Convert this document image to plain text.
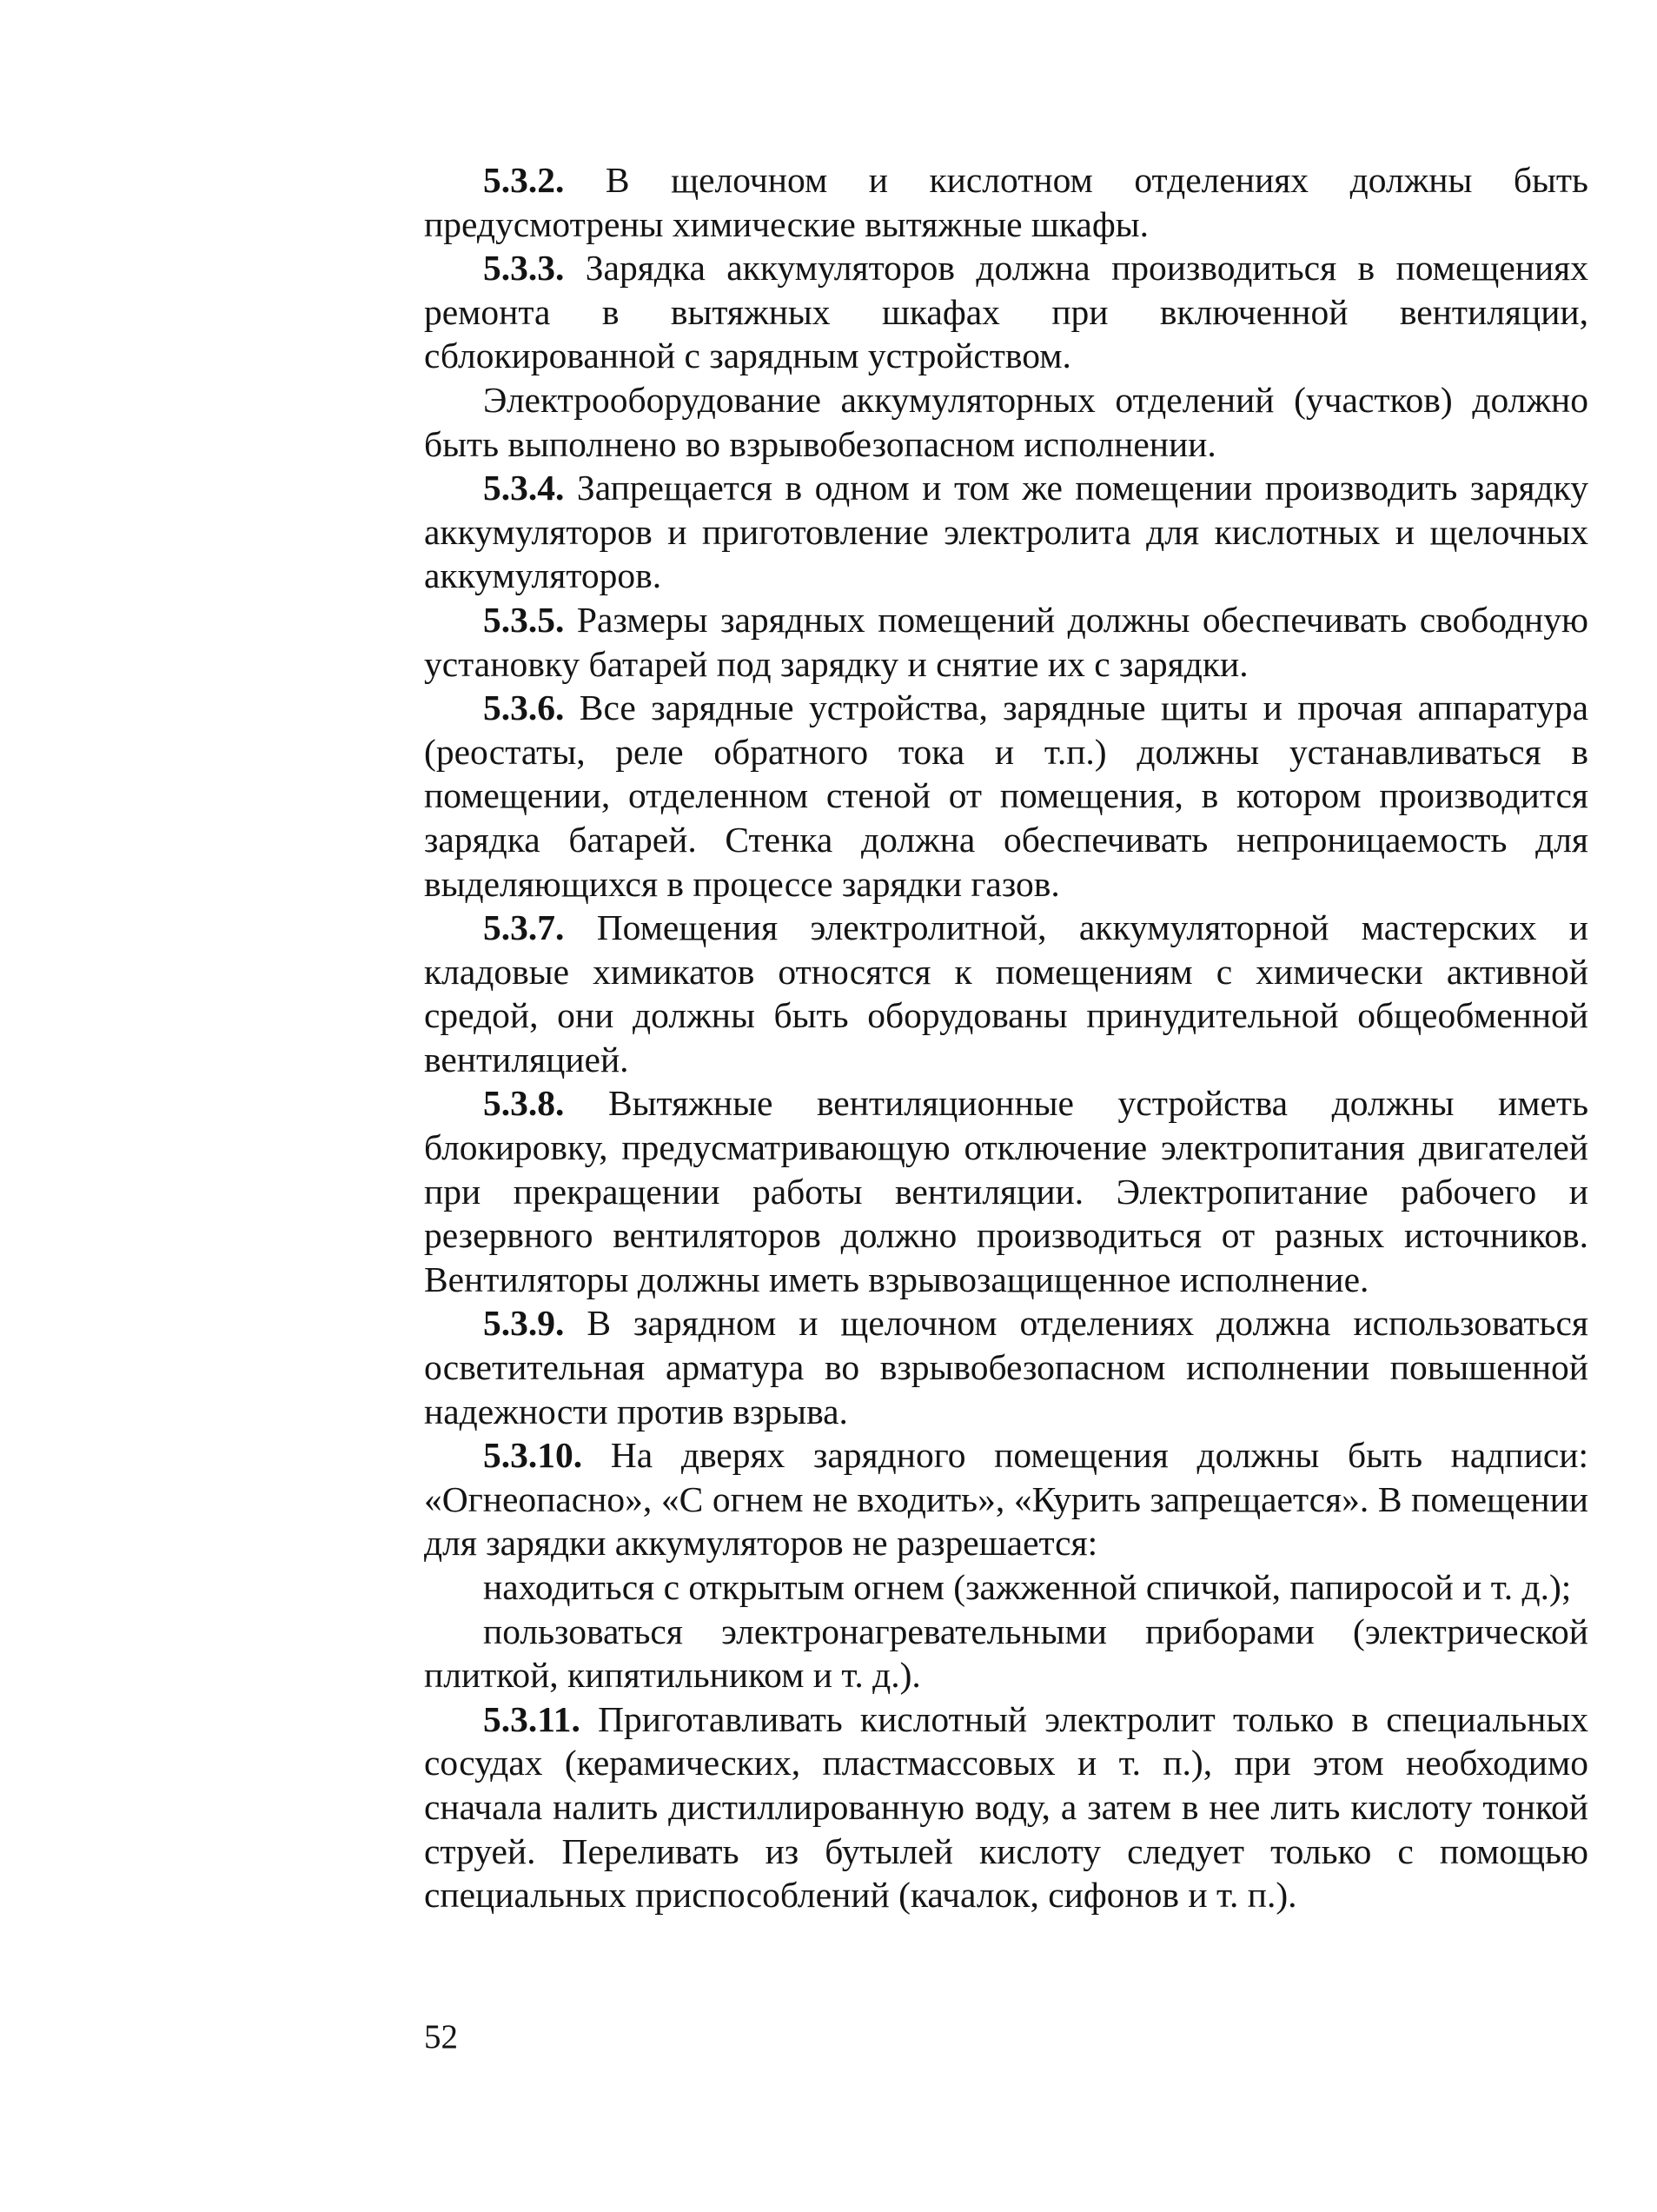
5.3.2. В щелочном и кислотном отделениях должны быть предусмотрены химические вытяжные шкафы.

5.3.3. Зарядка аккумуляторов должна производиться в помещениях ремонта в вытяжных шкафах при включенной вентиляции, сблокированной с зарядным устройством.

Электрооборудование аккумуляторных отделений (участков) должно быть выполнено во взрывобезопасном исполнении.

5.3.4. Запрещается в одном и том же помещении производить зарядку аккумуляторов и приготовление электролита для кислотных и щелочных аккумуляторов.

5.3.5. Размеры зарядных помещений должны обеспечивать свободную установку батарей под зарядку и снятие их с зарядки.

5.3.6. Все зарядные устройства, зарядные щиты и прочая аппаратура (реостаты, реле обратного тока и т.п.) должны устанавливаться в помещении, отделенном стеной от помещения, в котором производится зарядка батарей. Стенка должна обеспечивать непроницаемость для выделяющихся в процессе зарядки газов.

5.3.7. Помещения электролитной, аккумуляторной мастерских и кладовые химикатов относятся к помещениям с химически активной средой, они должны быть оборудованы принудительной общеобменной вентиляцией.

5.3.8. Вытяжные вентиляционные устройства должны иметь блокировку, предусматривающую отключение электропитания двигателей при прекращении работы вентиляции. Электропитание рабочего и резервного вентиляторов должно производиться от разных источников. Вентиляторы должны иметь взрывозащищенное исполнение.

5.3.9. В зарядном и щелочном отделениях должна использоваться осветительная арматура во взрывобезопасном исполнении повышенной надежности против взрыва.

5.3.10. На дверях зарядного помещения должны быть надписи: «Огнеопасно», «С огнем не входить», «Курить запрещается». В помещении для зарядки аккумуляторов не разрешается:

находиться с открытым огнем (зажженной спичкой, папиросой и т. д.);

пользоваться электронагревательными приборами (электрической плиткой, кипятильником и т. д.).

5.3.11. Приготавливать кислотный электролит только в специальных сосудах (керамических, пластмассовых и т. п.), при этом необходимо сначала налить дистиллированную воду, а затем в нее лить кислоту тонкой струей. Переливать из бутылей кислоту следует только с помощью специальных приспособлений (качалок, сифонов и т. п.).

52
